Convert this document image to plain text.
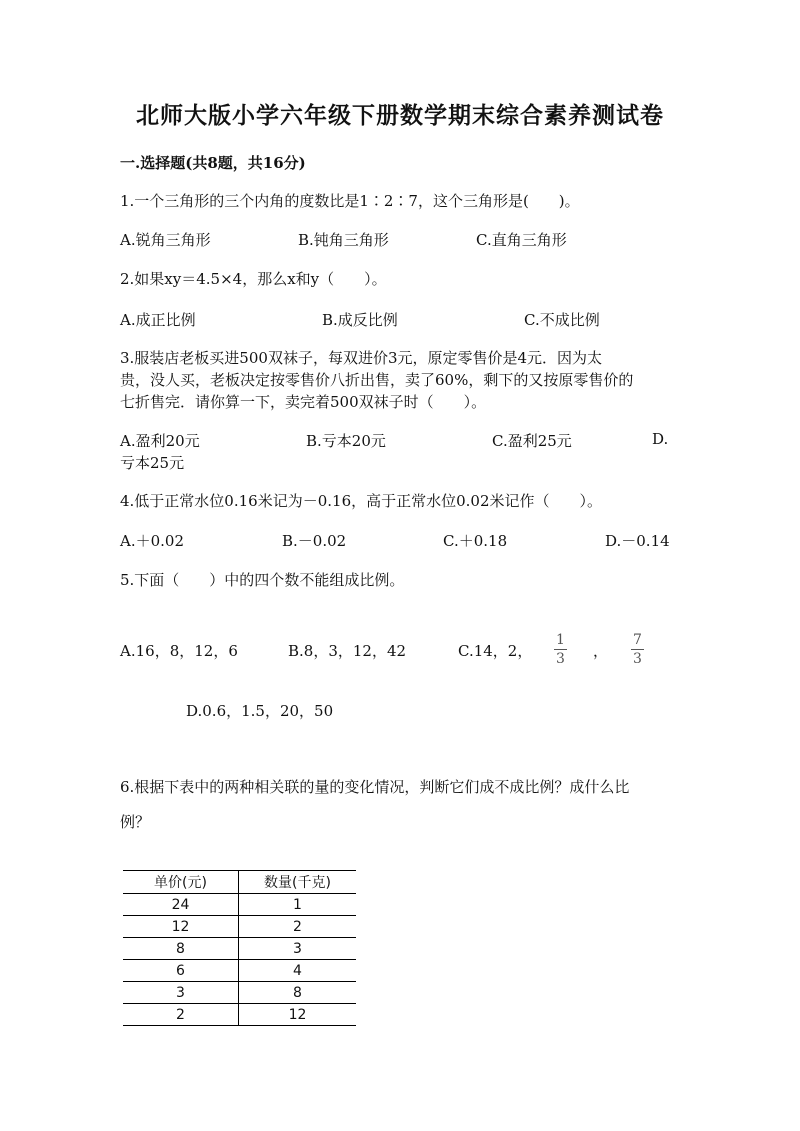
北师大版小学六年级下册数学期末综合素养测试卷
一.选择题(共8题，共16分)
1.一个三角形的三个内角的度数比是1∶2∶7，这个三角形是(　　)。
A.锐角三角形	B.钝角三角形	C.直角三角形
2.如果xy＝4.5×4，那么x和y（　　）。
A.成正比例	B.成反比例	C.不成比例
3.服装店老板买进500双袜子，每双进价3元，原定零售价是4元．因为太
贵，没人买，老板决定按零售价八折出售，卖了60%，剩下的又按原零售价的
七折售完．请你算一下，卖完着500双袜子时（　　）。
A.盈利20元	B.亏本20元	C.盈利25元	D.
亏本25元
4.低于正常水位0.16米记为－0.16，高于正常水位0.02米记作（　　）。
A.＋0.02	B.－0.02	C.＋0.18	D.－0.14
5.下面（　　）中的四个数不能组成比例。
A.16，8，12，6	B.8，3，12，42	C.14，2，
1
3 ，
7
3
D.0.6，1.5，20，50
6.根据下表中的两种相关联的量的变化情况，判断它们成不成比例？成什么比
例？
单价(元)	数量(千克)
24	1
12	2
8	3
6	4
3	8
2	12
